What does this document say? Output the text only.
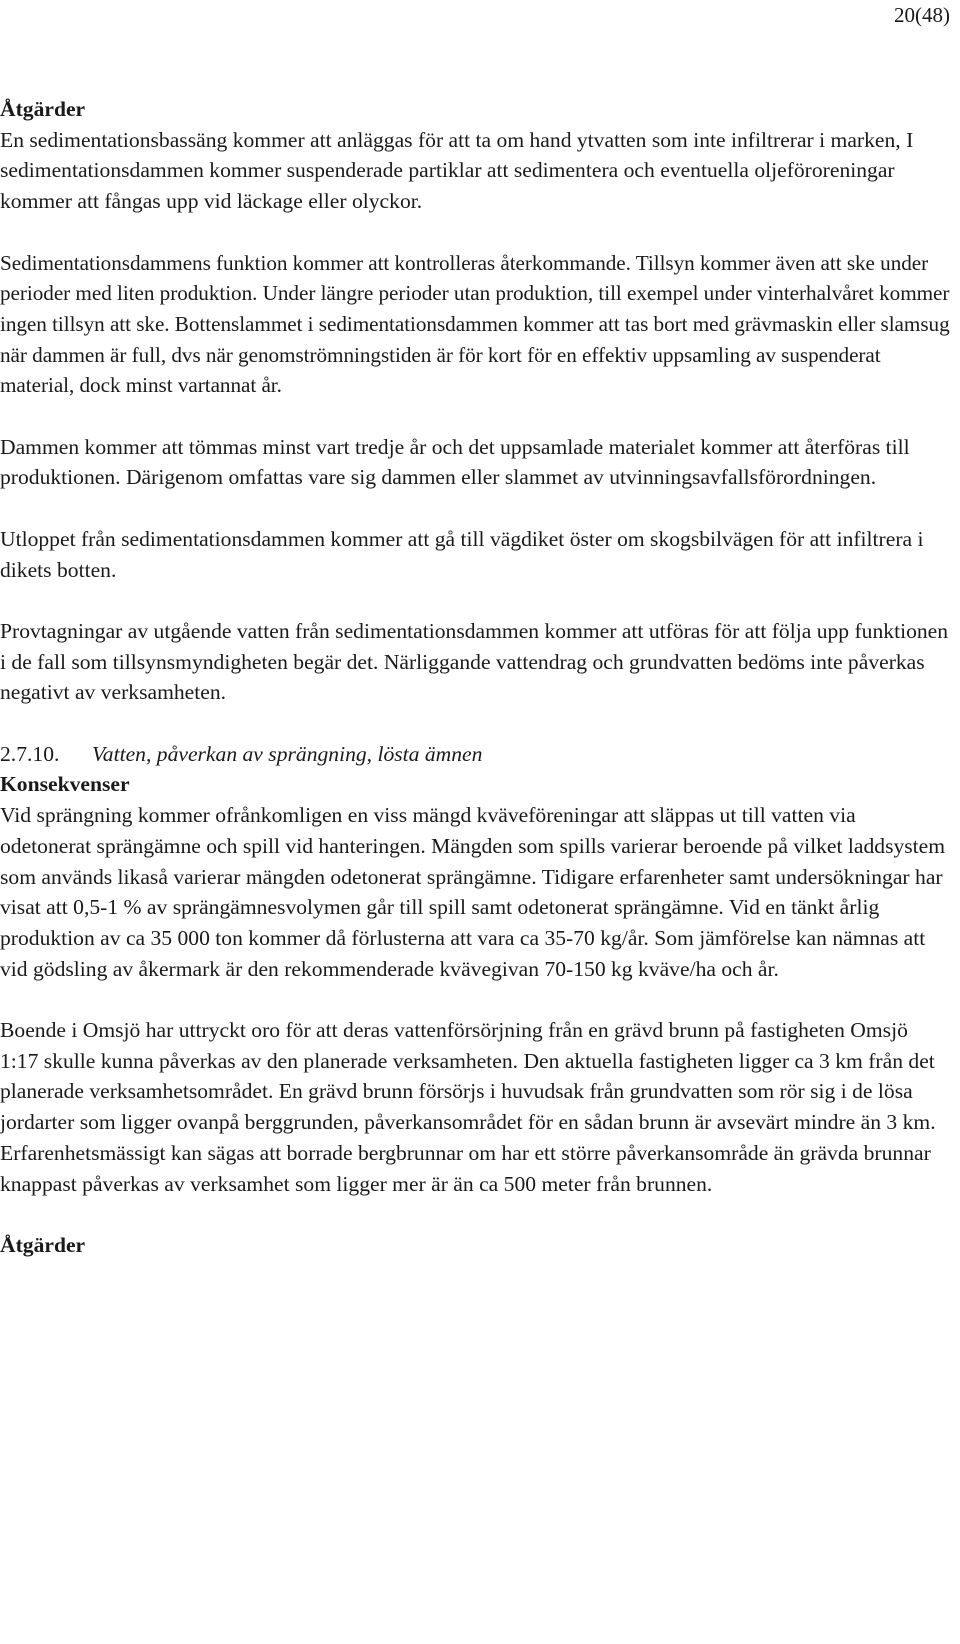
20(48)

Åtgärder

En sedimentationsbassäng kommer att anläggas för att ta om hand ytvatten som inte infiltrerar i marken, I sedimentationsdammen kommer suspenderade partiklar att sedimentera och eventuella oljeföroreningar kommer att fångas upp vid läckage eller olyckor.

Sedimentationsdammens funktion kommer att kontrolleras återkommande. Tillsyn kommer även att ske under perioder med liten produktion. Under längre perioder utan produktion, till exempel under vinterhalvåret kommer ingen tillsyn att ske. Bottenslammet i sedimentationsdammen kommer att tas bort med grävmaskin eller slamsug när dammen är full, dvs när genomströmningstiden är för kort för en effektiv uppsamling av suspenderat material, dock minst vartannat år.

Dammen kommer att tömmas minst vart tredje år och det uppsamlade materialet kommer att återföras till produktionen. Därigenom omfattas vare sig dammen eller slammet av utvinningsavfallsförordningen.

Utloppet från sedimentationsdammen kommer att gå till vägdiket öster om skogsbilvägen för att infiltrera i dikets botten.

Provtagningar av utgående vatten från sedimentationsdammen kommer att utföras för att följa upp funktionen i de fall som tillsynsmyndigheten begär det. Närliggande vattendrag och grundvatten bedöms inte påverkas negativt av verksamheten.

2.7.10. Vatten, påverkan av sprängning, lösta ämnen

Konsekvenser

Vid sprängning kommer ofrånkomligen en viss mängd kväveföreningar att släppas ut till vatten via odetonerat sprängämne och spill vid hanteringen. Mängden som spills varierar beroende på vilket laddsystem som används likaså varierar mängden odetonerat sprängämne. Tidigare erfarenheter samt undersökningar har visat att 0,5-1 % av sprängämnesvolymen går till spill samt odetonerat sprängämne. Vid en tänkt årlig produktion av ca 35 000 ton kommer då förlusterna att vara ca 35-70 kg/år. Som jämförelse kan nämnas att vid gödsling av åkermark är den rekommenderade kvävegivan 70-150 kg kväve/ha och år.

Boende i Omsjö har uttryckt oro för att deras vattenförsörjning från en grävd brunn på fastigheten Omsjö 1:17 skulle kunna påverkas av den planerade verksamheten. Den aktuella fastigheten ligger ca 3 km från det planerade verksamhetsområdet. En grävd brunn försörjs i huvudsak från grundvatten som rör sig i de lösa jordarter som ligger ovanpå berggrunden, påverkansområdet för en sådan brunn är avsevärt mindre än 3 km. Erfarenhetsmässigt kan sägas att borrade bergbrunnar om har ett större påverkansområde än grävda brunnar knappast påverkas av verksamhet som ligger mer är än ca 500 meter från brunnen.

Åtgärder
